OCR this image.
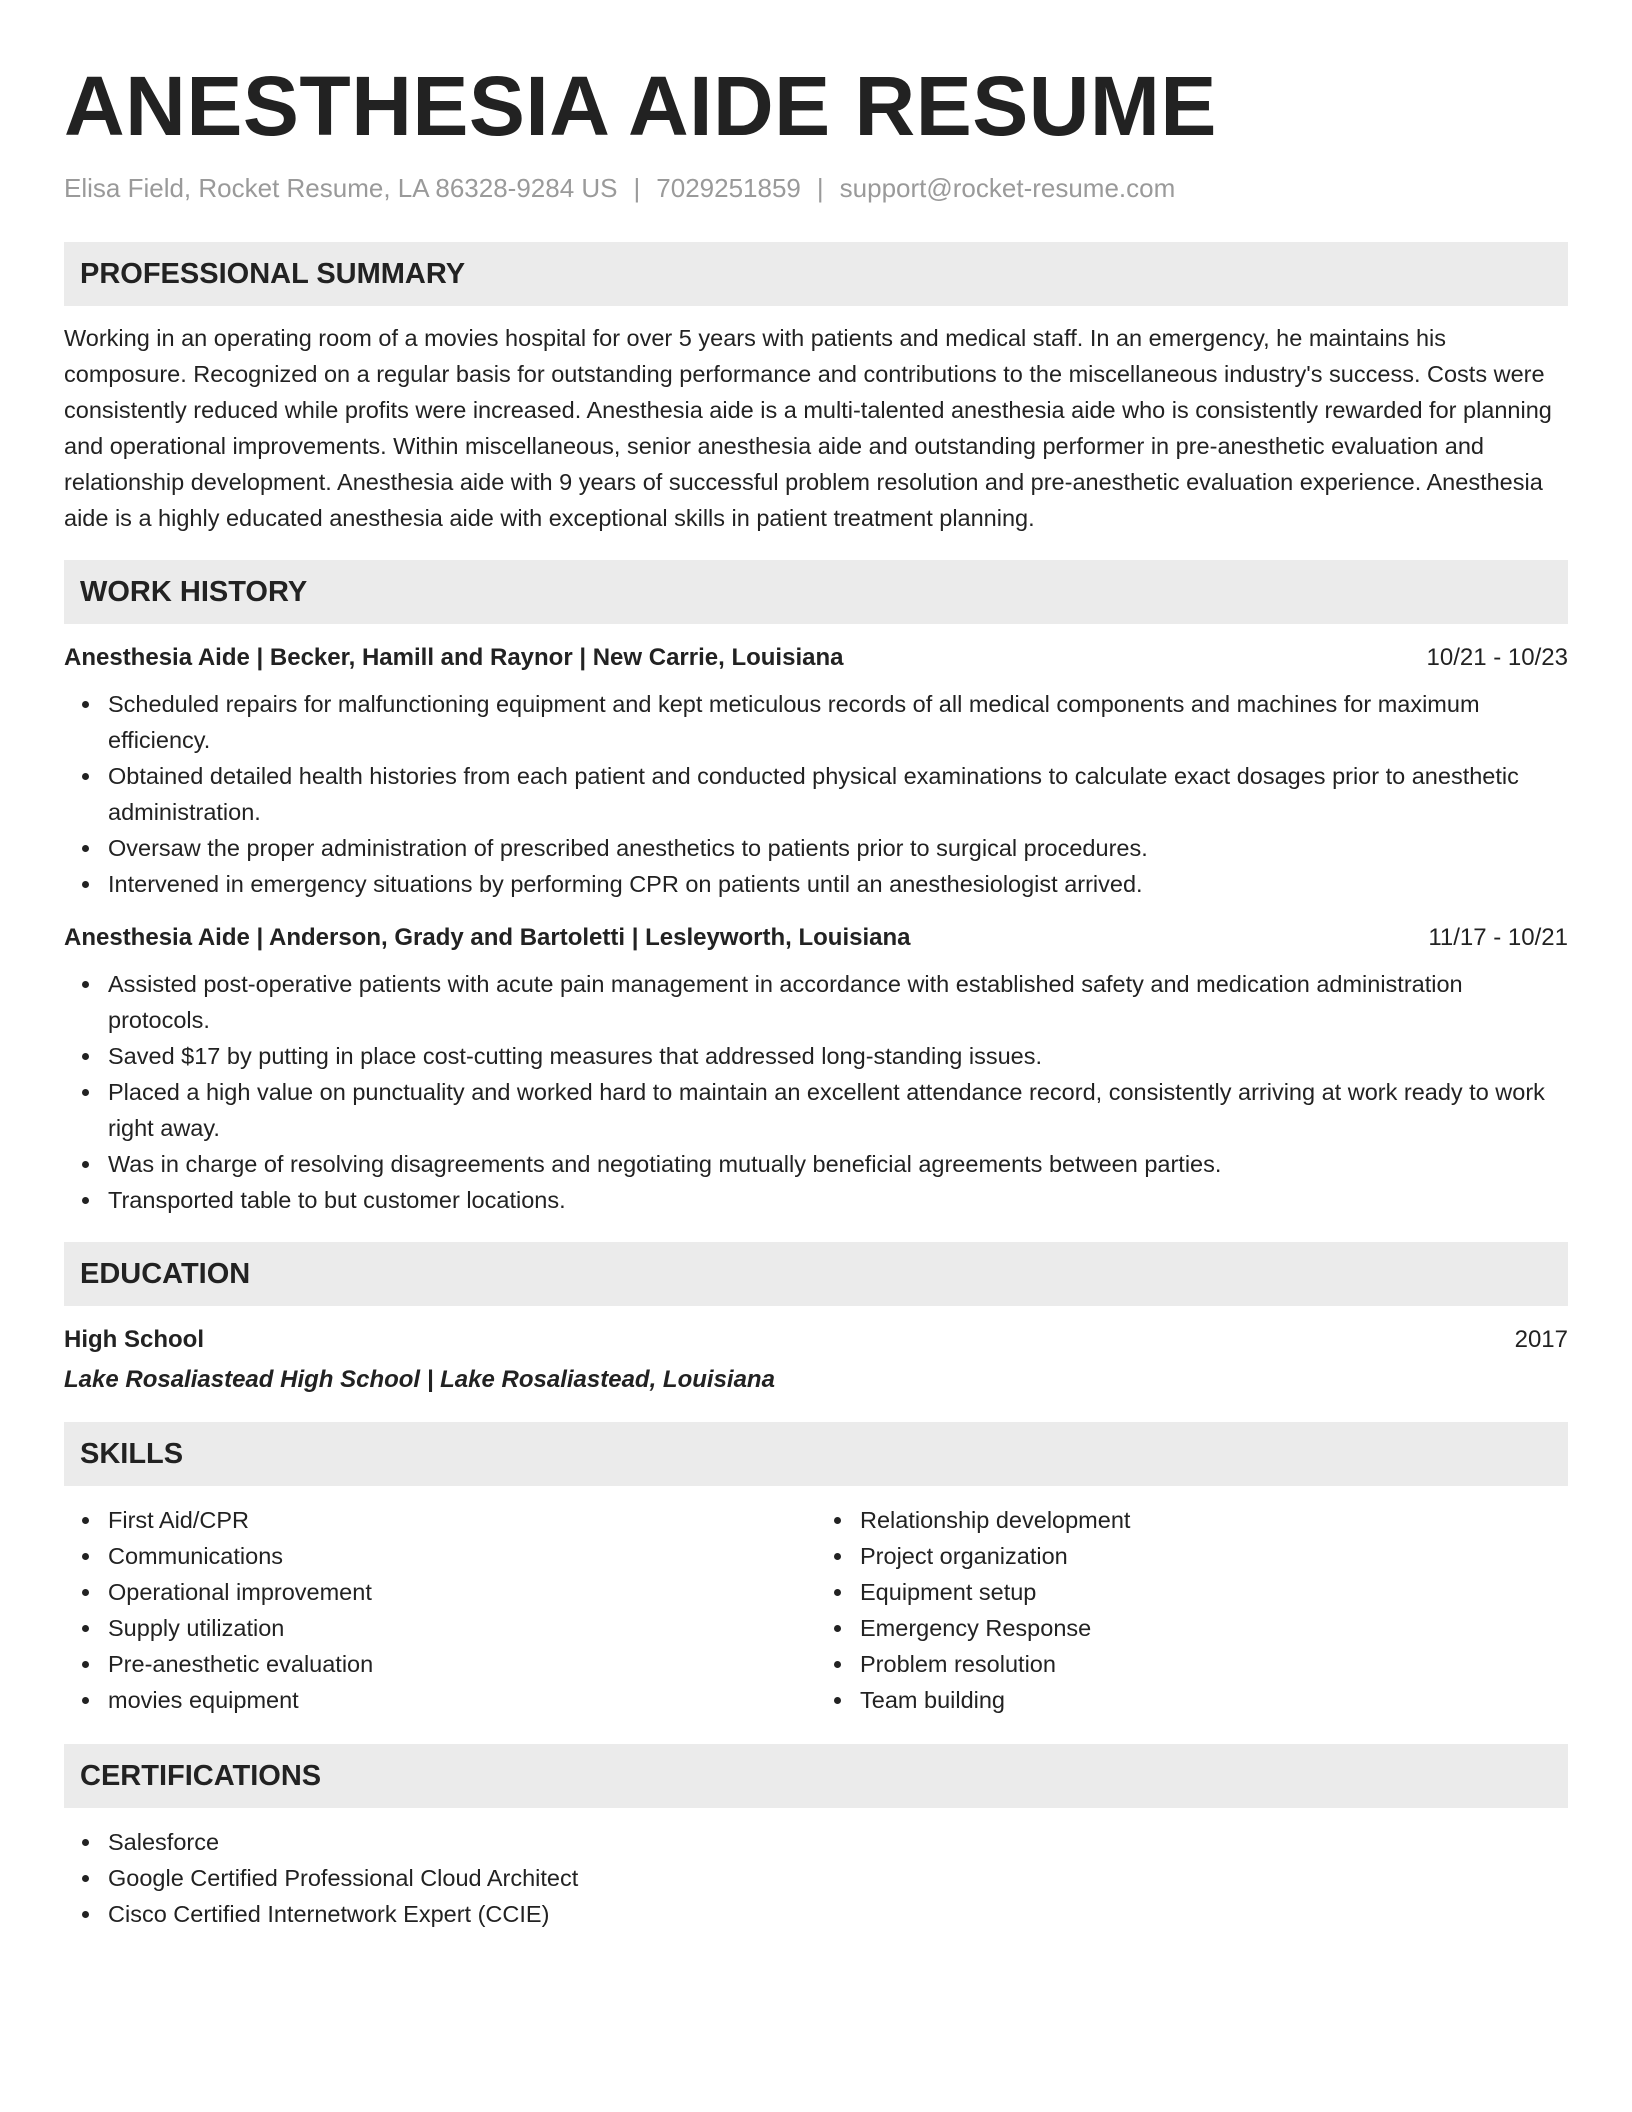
ANESTHESIA AIDE RESUME
Elisa Field, Rocket Resume, LA 86328-9284 US | 7029251859 | support@rocket-resume.com
PROFESSIONAL SUMMARY

Working in an operating room of a movies hospital for over 5 years with patients and medical staff. In an emergency, he maintains his composure. Recognized on a regular basis for outstanding performance and contributions to the miscellaneous industry's success. Costs were consistently reduced while profits were increased. Anesthesia aide is a multi-talented anesthesia aide who is consistently rewarded for planning and operational improvements. Within miscellaneous, senior anesthesia aide and outstanding performer in pre-anesthetic evaluation and relationship development. Anesthesia aide with 9 years of successful problem resolution and pre-anesthetic evaluation experience. Anesthesia aide is a highly educated anesthesia aide with exceptional skills in patient treatment planning.

WORK HISTORY
Anesthesia Aide | Becker, Hamill and Raynor | New Carrie, Louisiana	10/21 - 10/23
Scheduled repairs for malfunctioning equipment and kept meticulous records of all medical components and machines for maximum efficiency.
Obtained detailed health histories from each patient and conducted physical examinations to calculate exact dosages prior to anesthetic administration.
Oversaw the proper administration of prescribed anesthetics to patients prior to surgical procedures.
Intervened in emergency situations by performing CPR on patients until an anesthesiologist arrived.
Anesthesia Aide | Anderson, Grady and Bartoletti | Lesleyworth, Louisiana	11/17 - 10/21
Assisted post-operative patients with acute pain management in accordance with established safety and medication administration protocols.
Saved $17 by putting in place cost-cutting measures that addressed long-standing issues.
Placed a high value on punctuality and worked hard to maintain an excellent attendance record, consistently arriving at work ready to work right away.
Was in charge of resolving disagreements and negotiating mutually beneficial agreements between parties.
Transported table to but customer locations.
EDUCATION
High School	2017
Lake Rosaliastead High School | Lake Rosaliastead, Louisiana
SKILLS
First Aid/CPR
Communications
Operational improvement
Supply utilization
Pre-anesthetic evaluation
movies equipment
Relationship development
Project organization
Equipment setup
Emergency Response
Problem resolution
Team building
CERTIFICATIONS
Salesforce
Google Certified Professional Cloud Architect
Cisco Certified Internetwork Expert (CCIE)
